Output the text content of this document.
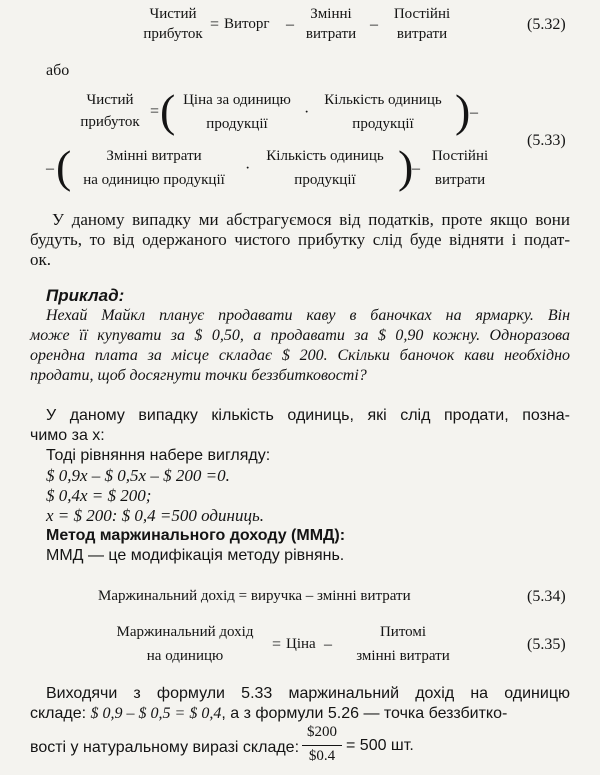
Чистий
прибуток
= Виторг –
Змінні
витрати
–
Постійні
витрати
(5.32)
або
Чистий
прибуток
= ( Ціна за одиницю
продукції
·
Кількість одиниць
продукції ) –
– (	Змінні витрати
на одиницю продукції
·
Кількість одиниць
продукції )
–
Постійні
витрати
(5.33)
У даному випадку ми абстрагуємося від податків, проте якщо вони
будуть, то від одержаного чистого прибутку слід буде відняти і подат-
ок.
Приклад:
Нехай Майкл планує продавати каву в баночках на ярмарку. Він
може її купувати за $ 0,50, а продавати за $ 0,90 кожну. Одноразова
орендна плата за місце складає $ 200. Скільки баночок кави необхідно
продати, щоб досягнути точки беззбитковості?
У даному випадку кількість одиниць, які слід продати, позна-
чимо за x:
Тоді рівняння набере вигляду:
$ 0,9x – $ 0,5x – $ 200 =0.
$ 0,4x = $ 200;
x = $ 200: $ 0,4 =500 одиниць.
Метод маржинального доходу (ММД):
ММД — це модифікація методу рівнянь.
Маржинальний дохід = виручка – змінні витрати	(5.34)
Маржинальний дохід
на одиницю
= Ціна –
Питомі
змінні витрати
(5.35)
Виходячи з формули 5.33 маржинальний дохід на одиницю
складе: $ 0,9 – $ 0,5 = $ 0,4, а з формули 5.26 — точка беззбитко-
вості у натуральному виразі складе:
$200
$0.4
= 500 шт.
